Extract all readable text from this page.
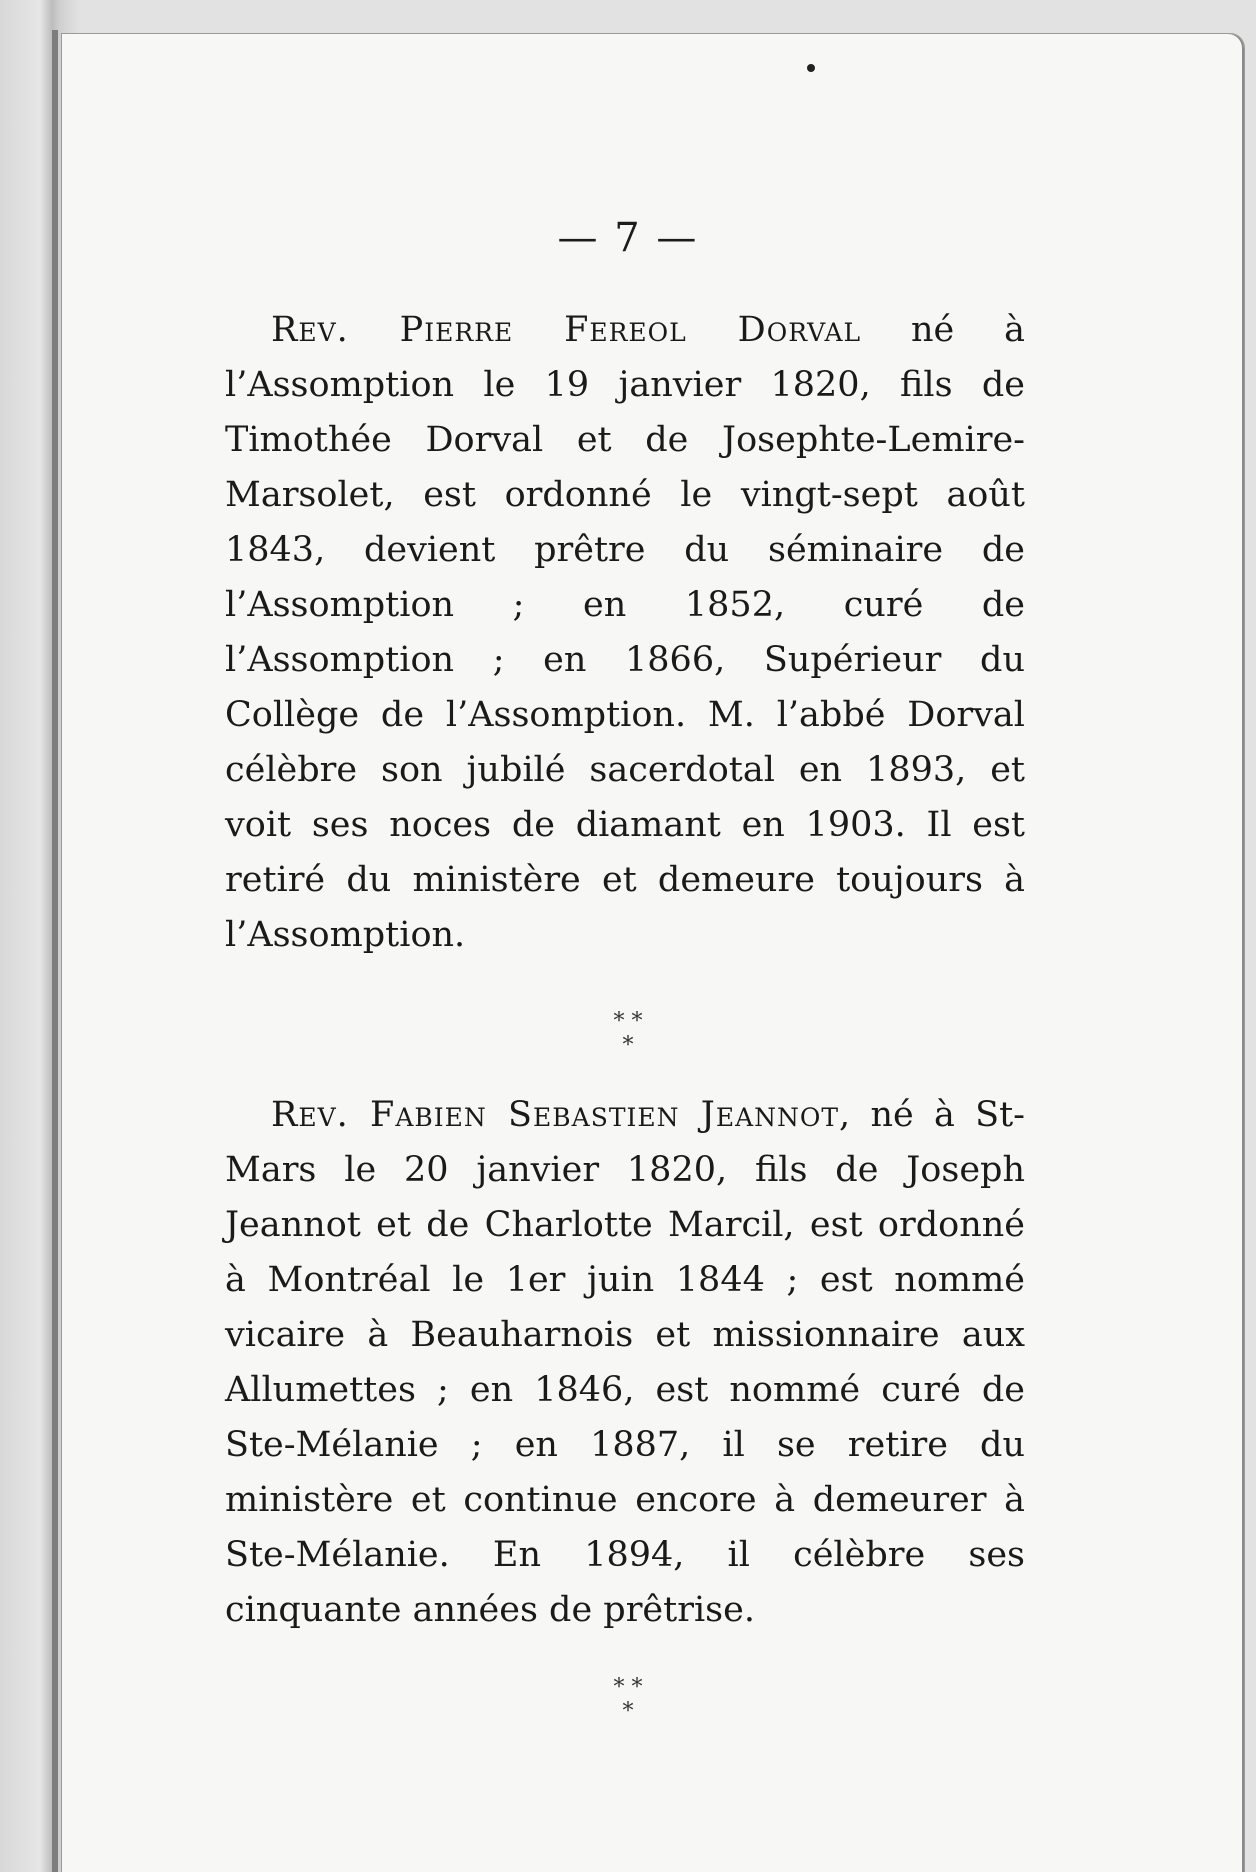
— 7 —

Rev. Pierre Fereol Dorval né à l’Assomption le 19 janvier 1820, fils de Timothée Dorval et de Josephte-Lemire-Marsolet, est ordonné le vingt-sept août 1843, devient prêtre du séminaire de l’Assomption ; en 1852, curé de l’Assomption ; en 1866, Supérieur du Collège de l’Assomption. M. l’abbé Dorval célèbre son jubilé sacerdotal en 1893, et voit ses noces de diamant en 1903. Il est retiré du ministère et demeure toujours à l’Assomption.

* *
*

Rev. Fabien Sebastien Jeannot, né à St-Mars le 20 janvier 1820, fils de Joseph Jeannot et de Charlotte Marcil, est ordonné à Montréal le 1er juin 1844 ; est nommé vicaire à Beauharnois et missionnaire aux Allumettes ; en 1846, est nommé curé de Ste-Mélanie ; en 1887, il se retire du ministère et continue encore à demeurer à Ste-Mélanie. En 1894, il célèbre ses cinquante années de prêtrise.

* *
*
